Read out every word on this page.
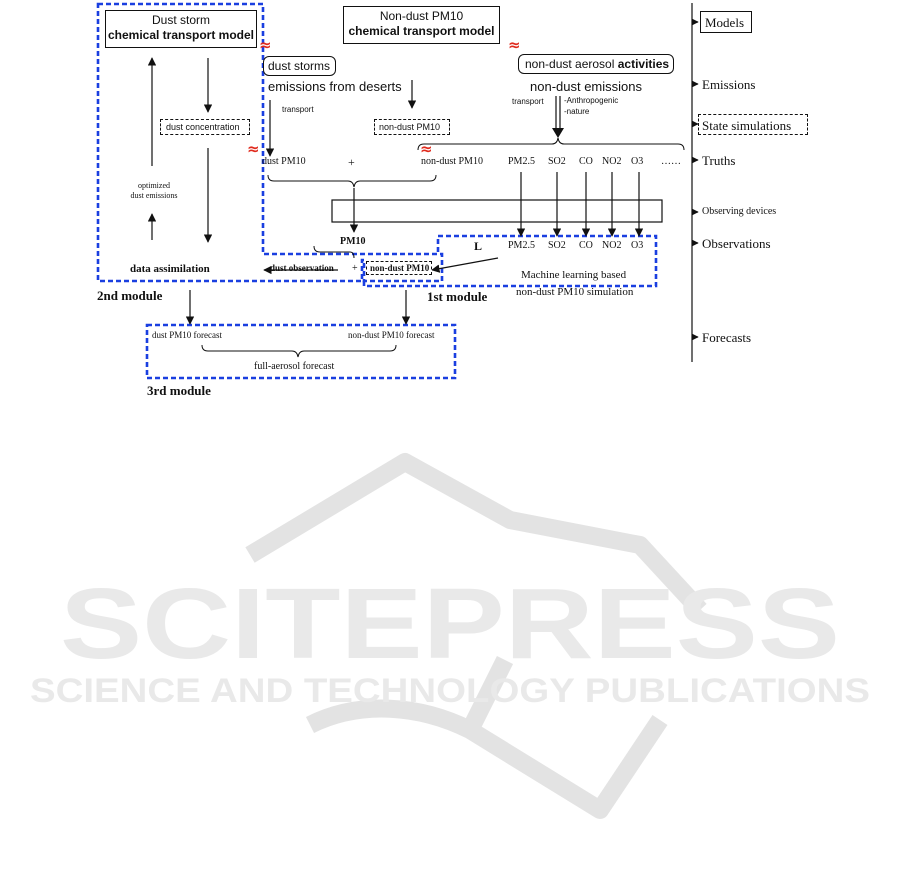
SCITEPRESS
SCIENCE AND TECHNOLOGY PUBLICATIONS
Dust storm
chemical transport model
Non-dust PM10
chemical transport model
≈	≈
≈	≈
dust storms
emissions from deserts
non-dust aerosol activities
non-dust emissions
transport
transport	-Anthropogenic
-nature
dust concentration	non-dust PM10
dust PM10	+	non-dust PM10	PM2.5 SO2 CO NO2 O3 ……
optimized
dust emissions
data assimilation	dust observation +
PM10
non-dust PM10
L	PM2.5 SO2 CO NO2 O3
Machine learning based
non-dust PM10 simulation
2nd module	1st module
3rd module
dust PM10 forecast	non-dust PM10 forecast
full-aerosol forecast
Models
Emissions
State simulations
Truths
Observing devices
Observations
Forecasts
